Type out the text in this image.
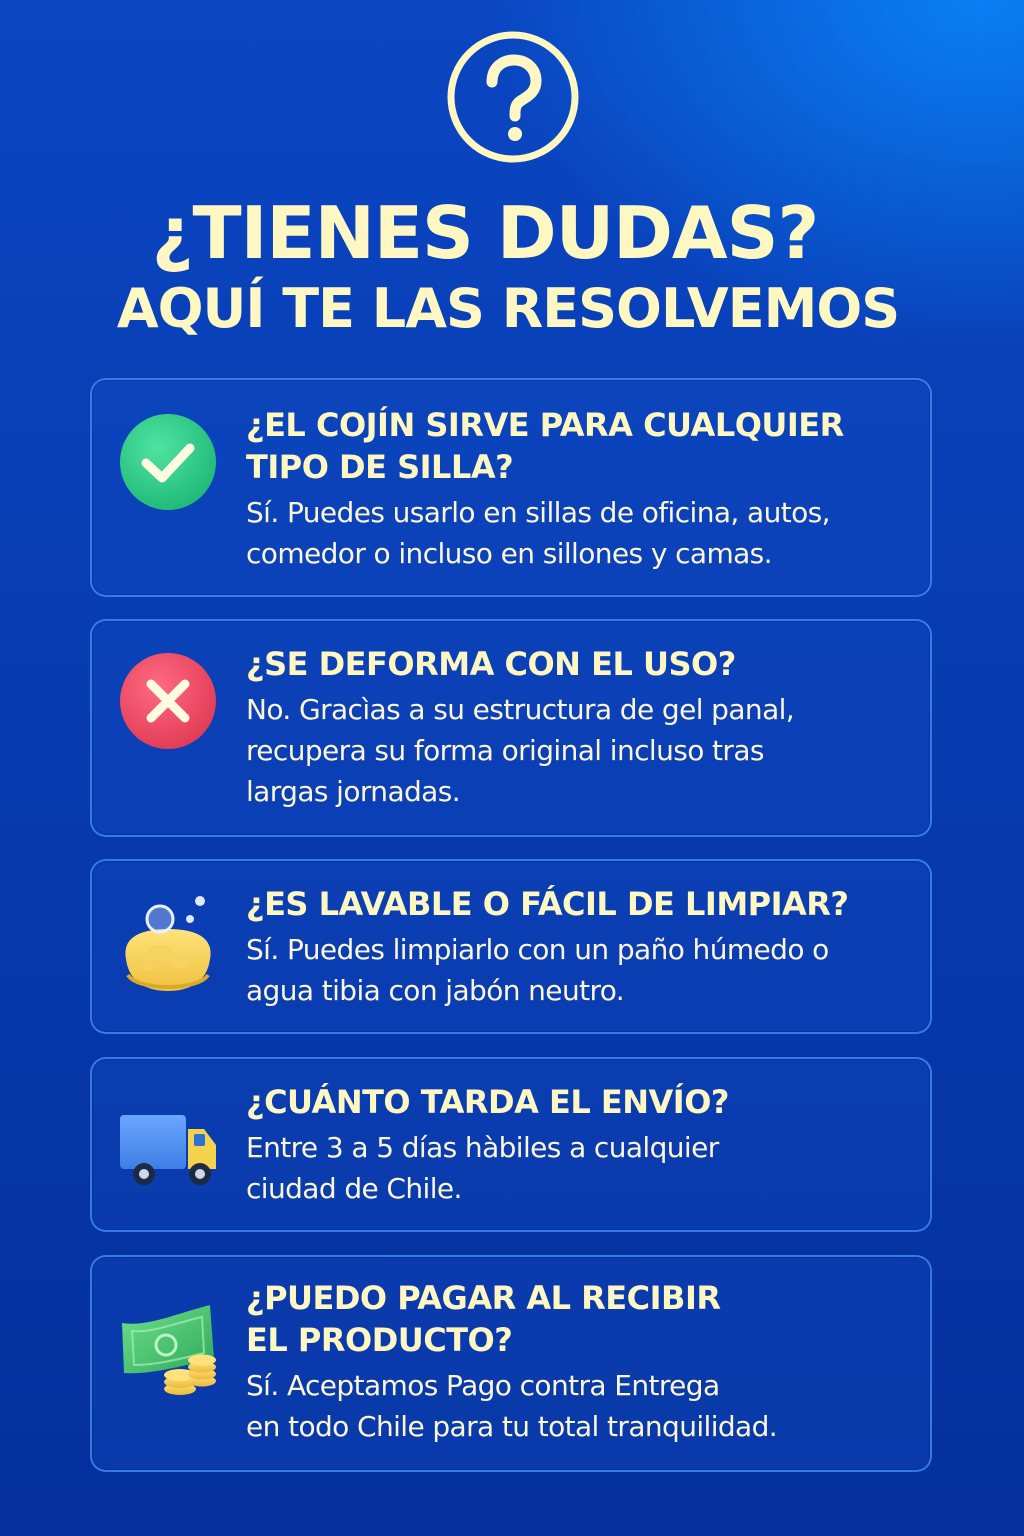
¿TIENES DUDAS?
AQUÍ TE LAS RESOLVEMOS
¿EL COJÍN SIRVE PARA CUALQUIER
TIPO DE SILLA?
Sí. Puedes usarlo en sillas de oficina, autos,
comedor o incluso en sillones y camas.
¿SE DEFORMA CON EL USO?
No. Gracìas a su estructura de gel panal,
recupera su forma original incluso tras
largas jornadas.
¿ES LAVABLE O FÁCIL DE LIMPIAR?
Sí. Puedes limpiarlo con un paño húmedo o
agua tibia con jabón neutro.
¿CUÁNTO TARDA EL ENVÍO?
Entre 3 a 5 días hàbiles a cualquier
ciudad de Chile.
¿PUEDO PAGAR AL RECIBIR
EL PRODUCTO?
Sí. Aceptamos Pago contra Entrega
en todo Chile para tu total tranquilidad.
